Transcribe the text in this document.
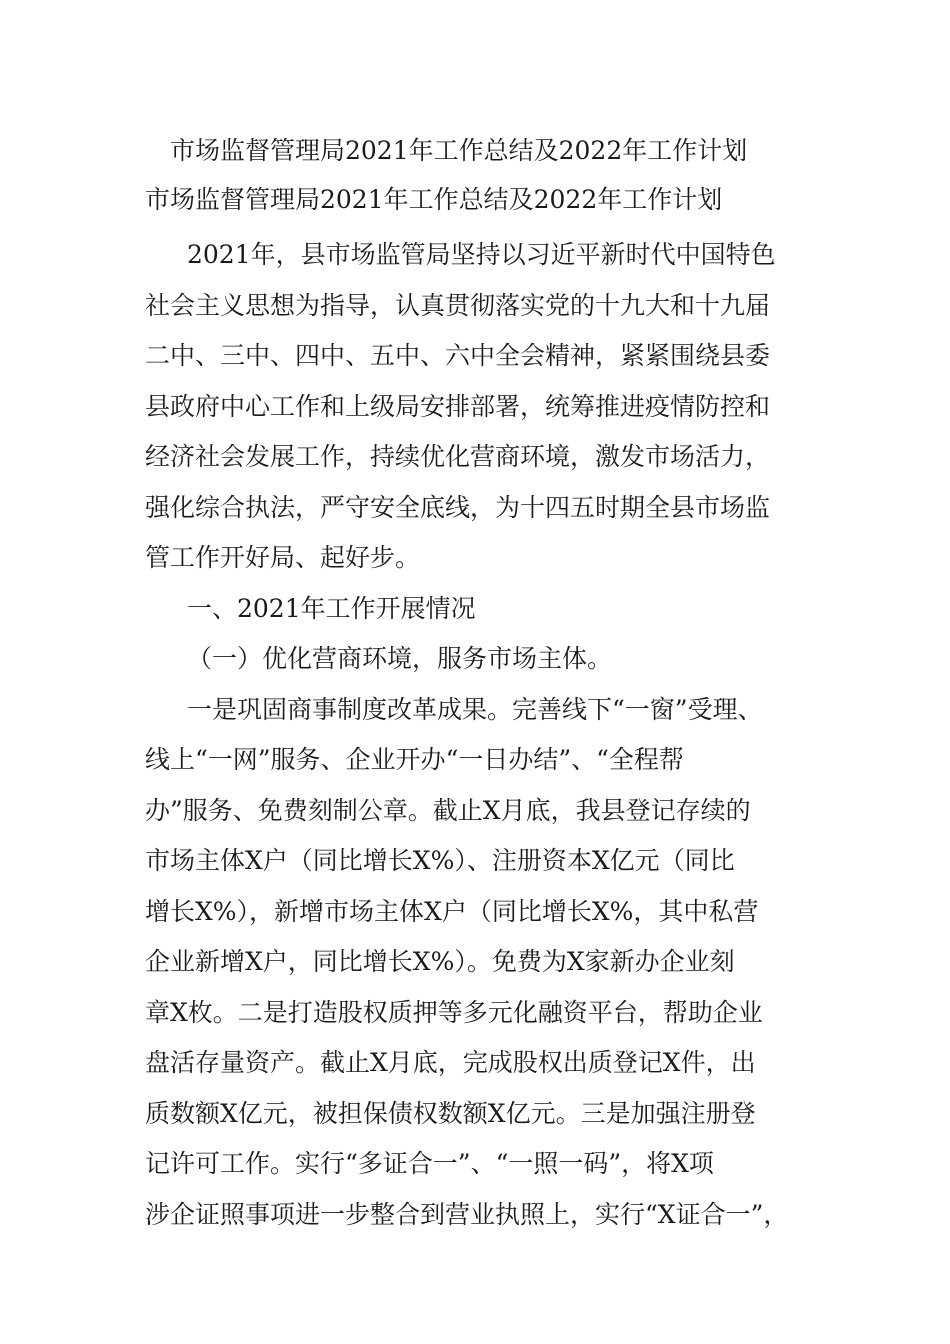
市场监督管理局2021年工作总结及2022年工作计划
市场监督管理局2021年工作总结及2022年工作计划
2021年，县市场监管局坚持以习近平新时代中国特色
社会主义思想为指导，认真贯彻落实党的十九大和十九届
二中、三中、四中、五中、六中全会精神，紧紧围绕县委
县政府中心工作和上级局安排部署，统筹推进疫情防控和
经济社会发展工作，持续优化营商环境，激发市场活力，
强化综合执法，严守安全底线，为十四五时期全县市场监
管工作开好局、起好步。
一、2021年工作开展情况
（一）优化营商环境，服务市场主体。
一是巩固商事制度改革成果。完善线下“一窗”受理、
线上“一网”服务、企业开办“一日办结”、“全程帮
办”服务、免费刻制公章。截止X月底，我县登记存续的
市场主体X户（同比增长X%）、注册资本X亿元（同比
增长X%），新增市场主体X户（同比增长X%，其中私营
企业新增X户，同比增长X%）。免费为X家新办企业刻
章X枚。二是打造股权质押等多元化融资平台，帮助企业
盘活存量资产。截止X月底，完成股权出质登记X件，出
质数额X亿元，被担保债权数额X亿元。三是加强注册登
记许可工作。实行“多证合一”、“一照一码”，将X项
涉企证照事项进一步整合到营业执照上，实行“X证合一”，
